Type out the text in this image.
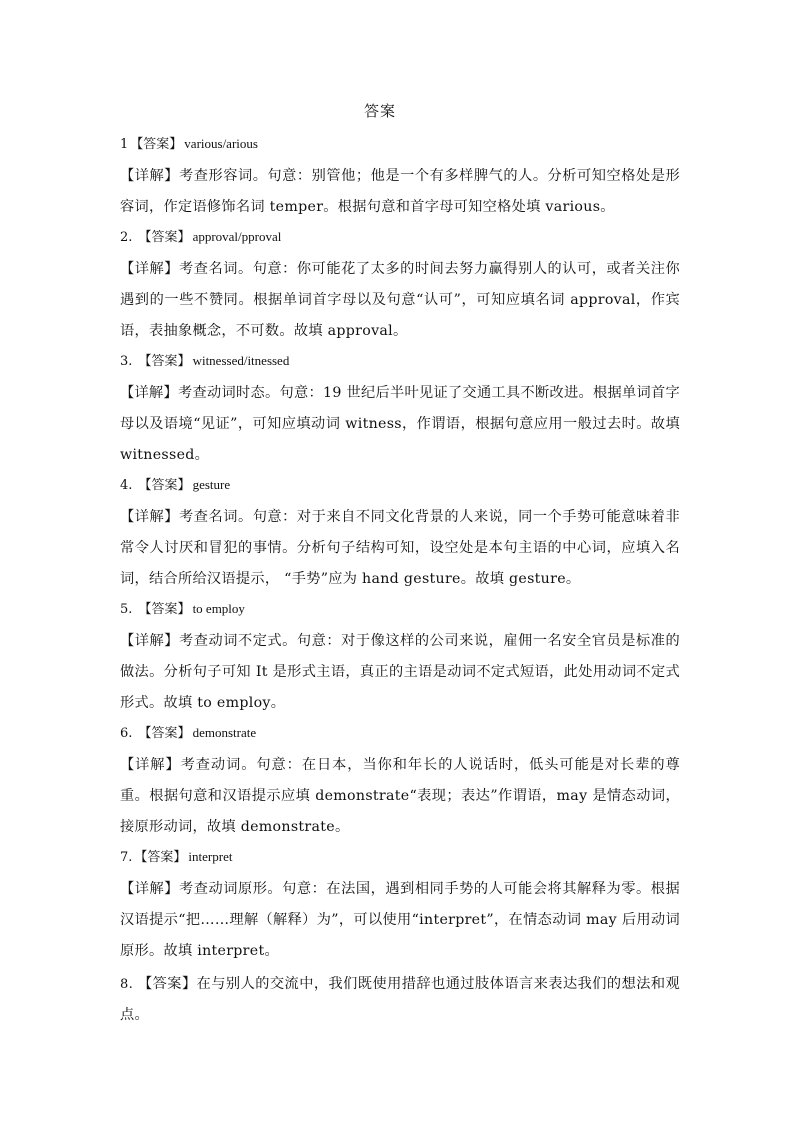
答案
1 【答案】 various/arious
【详解】考查形容词。句意：别管他；他是一个有多样脾气的人。分析可知空格处是形容词，作定语修饰名词 temper。根据句意和首字母可知空格处填 various。
2. 【答案】 approval/pproval
【详解】考查名词。句意：你可能花了太多的时间去努力赢得别人的认可，或者关注你遇到的一些不赞同。根据单词首字母以及句意“认可”，可知应填名词 approval，作宾语，表抽象概念，不可数。故填 approval。
3. 【答案】 witnessed/itnessed
【详解】考查动词时态。句意：19 世纪后半叶见证了交通工具不断改进。根据单词首字母以及语境“见证”，可知应填动词 witness，作谓语，根据句意应用一般过去时。故填 witnessed。
4. 【答案】 gesture
【详解】考查名词。句意：对于来自不同文化背景的人来说，同一个手势可能意味着非常令人讨厌和冒犯的事情。分析句子结构可知，设空处是本句主语的中心词，应填入名词，结合所给汉语提示， “手势”应为 hand gesture。故填 gesture。
5. 【答案】 to employ
【详解】考查动词不定式。句意：对于像这样的公司来说，雇佣一名安全官员是标准的做法。分析句子可知 It 是形式主语，真正的主语是动词不定式短语，此处用动词不定式形式。故填 to employ。
6. 【答案】 demonstrate
【详解】考查动词。句意：在日本，当你和年长的人说话时，低头可能是对长辈的尊重。根据句意和汉语提示应填 demonstrate“表现；表达”作谓语，may 是情态动词，接原形动词，故填 demonstrate。
7. 【答案】 interpret
【详解】考查动词原形。句意：在法国，遇到相同手势的人可能会将其解释为零。根据汉语提示“把……理解（解释）为”，可以使用“interpret”，在情态动词 may 后用动词原形。故填 interpret。
8. 【答案】在与别人的交流中，我们既使用措辞也通过肢体语言来表达我们的想法和观点。
